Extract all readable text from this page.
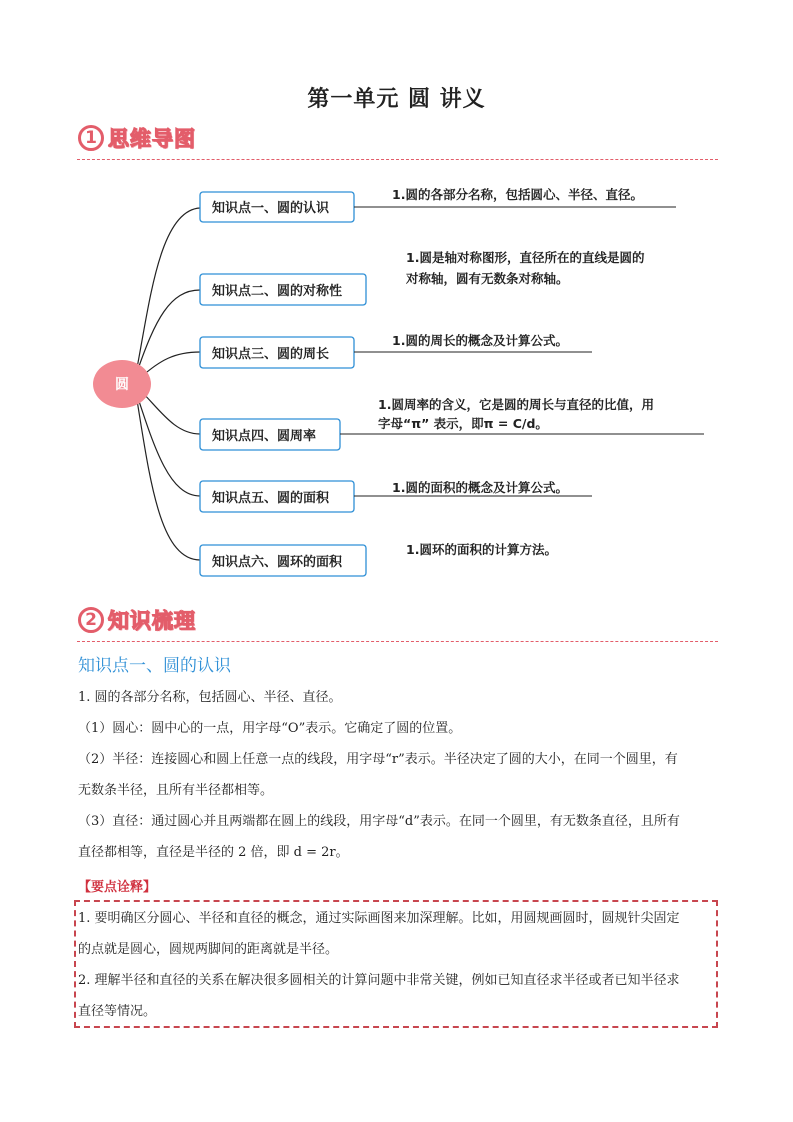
第一单元 圆 讲义
1 思维导图
圆
知识点一、圆的认识
1.圆的各部分名称，包括圆心、半径、直径。
知识点二、圆的对称性
1.圆是轴对称图形，直径所在的直线是圆的
对称轴，圆有无数条对称轴。
知识点三、圆的周长
1.圆的周长的概念及计算公式。
知识点四、圆周率
1.圆周率的含义，它是圆的周长与直径的比值，用
字母“π” 表示，即π = C/d。
知识点五、圆的面积
1.圆的面积的概念及计算公式。
知识点六、圆环的面积
1.圆环的面积的计算方法。
2 知识梳理
知识点一、圆的认识
1. 圆的各部分名称，包括圆心、半径、直径。
（1）圆心：圆中心的一点，用字母“O”表示。它确定了圆的位置。
（2）半径：连接圆心和圆上任意一点的线段，用字母“r”表示。半径决定了圆的大小，在同一个圆里，有
无数条半径，且所有半径都相等。
（3）直径：通过圆心并且两端都在圆上的线段，用字母“d”表示。在同一个圆里，有无数条直径，且所有
直径都相等，直径是半径的 2 倍，即 d = 2r。
【要点诠释】
1. 要明确区分圆心、半径和直径的概念，通过实际画图来加深理解。比如，用圆规画圆时，圆规针尖固定
的点就是圆心，圆规两脚间的距离就是半径。
2. 理解半径和直径的关系在解决很多圆相关的计算问题中非常关键，例如已知直径求半径或者已知半径求
直径等情况。
